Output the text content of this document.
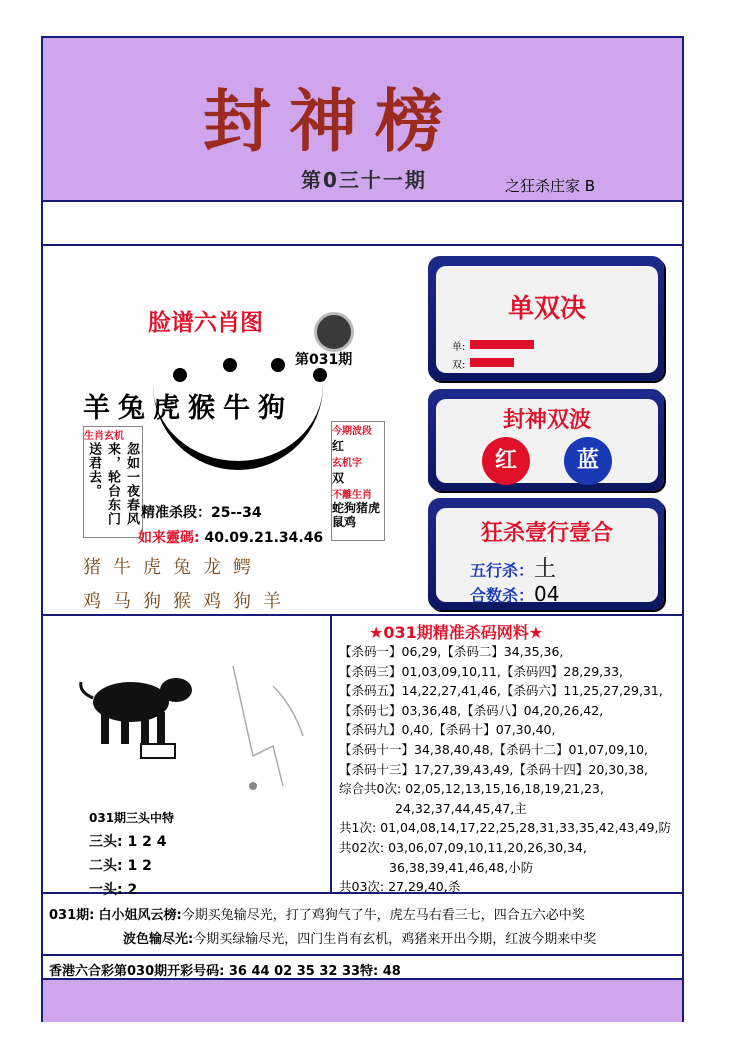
封神榜
第0三十一期	之狂杀庄家 B
脸谱六肖图
第031期
羊兔虎猴牛狗
生肖玄机
忽如一夜春风来，轮台东门送君去。
今期波段
红
玄机字
双
不離生肖
蛇狗猪虎鼠鸡
精准杀段：25--34
如来靈碼: 40.09.21.34.46
猪牛虎兔龙鳄
鸡马狗猴鸡狗羊
单双决
单:
双:
封神双波
红	蓝
狂杀壹行壹合
五行杀：土
合数杀：04
031期三头中特
三头: 1 2 4
二头: 1 2
一头: 2
★031期精准杀码网料★
【杀码一】06,29,【杀码二】34,35,36,
【杀码三】01,03,09,10,11,【杀码四】28,29,33,
【杀码五】14,22,27,41,46,【杀码六】11,25,27,29,31,
【杀码七】03,36,48,【杀码八】04,20,26,42,
【杀码九】0,40,【杀码十】07,30,40,
【杀码十一】34,38,40,48,【杀码十二】01,07,09,10,
【杀码十三】17,27,39,43,49,【杀码十四】20,30,38,
综合共0次: 02,05,12,13,15,16,18,19,21,23,
24,32,37,44,45,47,主
共1次: 01,04,08,14,17,22,25,28,31,33,35,42,43,49,防
共02次: 03,06,07,09,10,11,20,26,30,34,
36,38,39,41,46,48,小防
共03次: 27,29,40,杀
031期: 白小姐风云榜:今期买兔输尽光，打了鸡狗气了牛，虎左马右看三七，四合五六必中奖
波色输尽光:今期买绿输尽光，四门生肖有玄机，鸡猪来开出今期，红波今期来中奖
香港六合彩第030期开彩号码: 36 44 02 35 32 33特: 48
